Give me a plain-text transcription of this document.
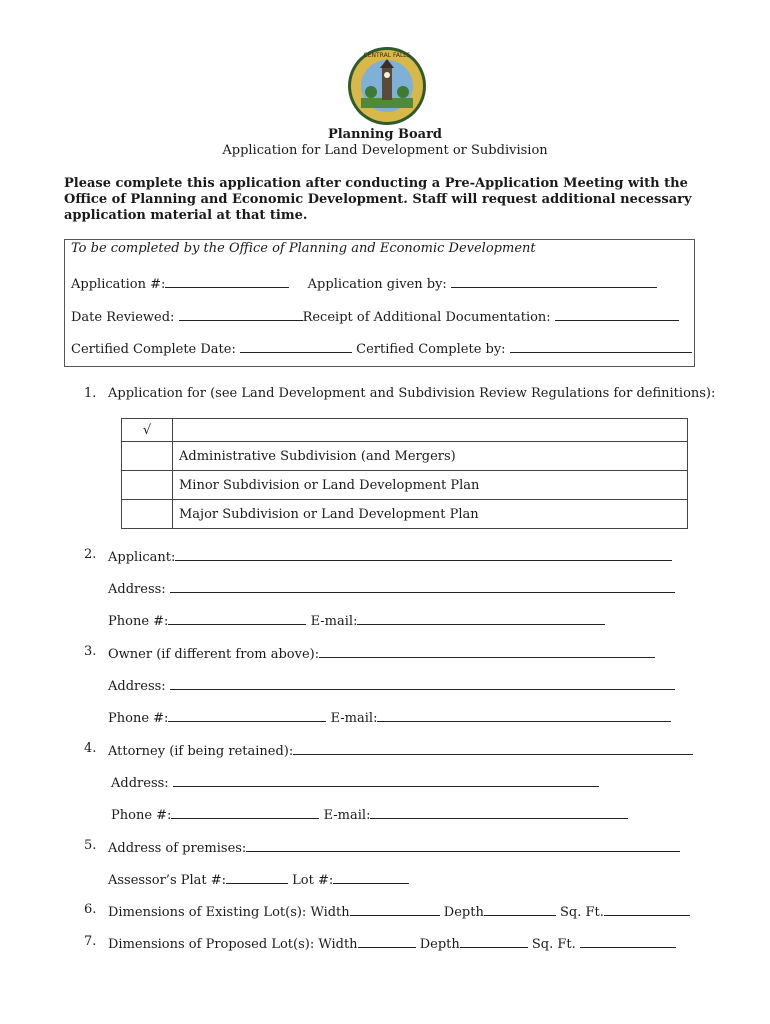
CENTRAL FALLS
Planning Board
Application for Land Development or Subdivision
Please complete this application after conducting a Pre-Application Meeting with the Office of Planning and Economic Development. Staff will request additional necessary application material at that time.
To be completed by the Office of Planning and Economic Development
Application #:	Application given by:
Date Reviewed:	Receipt of Additional Documentation:
Certified Complete Date:	Certified Complete by:
1. Application for (see Land Development and Subdivision Review Regulations for definitions):
√	
	Administrative Subdivision (and Mergers)
	Minor Subdivision or Land Development Plan
	Major Subdivision or Land Development Plan
2. Applicant:
Address:
Phone #:	E-mail:
3. Owner (if different from above):
Address:
Phone #:	E-mail:
4. Attorney (if being retained):
Address:
Phone #:	E-mail:
5. Address of premises:
Assessor’s Plat #:	Lot #:
6. Dimensions of Existing Lot(s): Width	Depth	Sq. Ft.
7. Dimensions of Proposed Lot(s): Width	Depth	Sq. Ft.
